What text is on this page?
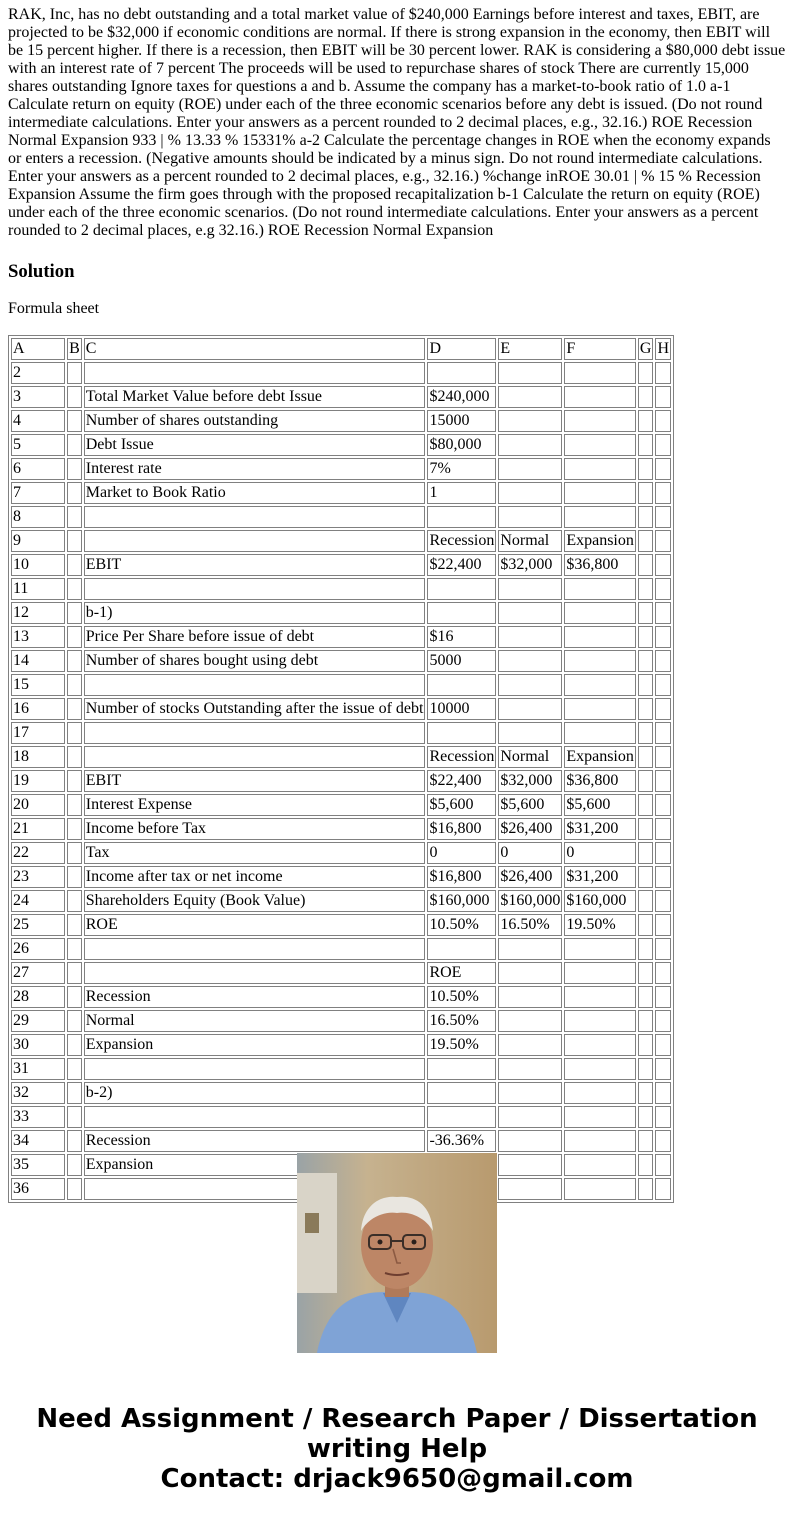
RAK, Inc, has no debt outstanding and a total market value of $240,000 Earnings before interest and taxes, EBIT, are projected to be $32,000 if economic conditions are normal. If there is strong expansion in the economy, then EBIT will be 15 percent higher. If there is a recession, then EBIT will be 30 percent lower. RAK is considering a $80,000 debt issue with an interest rate of 7 percent The proceeds will be used to repurchase shares of stock There are currently 15,000 shares outstanding Ignore taxes for questions a and b. Assume the company has a market-to-book ratio of 1.0 a-1 Calculate return on equity (ROE) under each of the three economic scenarios before any debt is issued. (Do not round intermediate calculations. Enter your answers as a percent rounded to 2 decimal places, e.g., 32.16.) ROE Recession Normal Expansion 933 | % 13.33 % 15331% a-2 Calculate the percentage changes in ROE when the economy expands or enters a recession. (Negative amounts should be indicated by a minus sign. Do not round intermediate calculations. Enter your answers as a percent rounded to 2 decimal places, e.g., 32.16.) %change inROE 30.01 | % 15 % Recession Expansion Assume the firm goes through with the proposed recapitalization b-1 Calculate the return on equity (ROE) under each of the three economic scenarios. (Do not round intermediate calculations. Enter your answers as a percent rounded to 2 decimal places, e.g 32.16.) ROE Recession Normal Expansion
Solution
Formula sheet
A	B	C	D	E	F	G	H
2							
3		Total Market Value before debt Issue	$240,000				
4		Number of shares outstanding	15000				
5		Debt Issue	$80,000				
6		Interest rate	7%				
7		Market to Book Ratio	1				
8							
9			Recession	Normal	Expansion		
10		EBIT	$22,400	$32,000	$36,800		
11							
12		b-1)					
13		Price Per Share before issue of debt	$16				
14		Number of shares bought using debt	5000				
15							
16		Number of stocks Outstanding after the issue of debt	10000				
17							
18			Recession	Normal	Expansion		
19		EBIT	$22,400	$32,000	$36,800		
20		Interest Expense	$5,600	$5,600	$5,600		
21		Income before Tax	$16,800	$26,400	$31,200		
22		Tax	0	0	0		
23		Income after tax or net income	$16,800	$26,400	$31,200		
24		Shareholders Equity (Book Value)	$160,000	$160,000	$160,000		
25		ROE	10.50%	16.50%	19.50%		
26							
27			ROE				
28		Recession	10.50%				
29		Normal	16.50%				
30		Expansion	19.50%				
31							
32		b-2)					
33							
34		Recession	-36.36%				
35		Expansion					
36							
Need Assignment / Research Paper / Dissertation
writing Help
Contact: drjack9650@gmail.com
